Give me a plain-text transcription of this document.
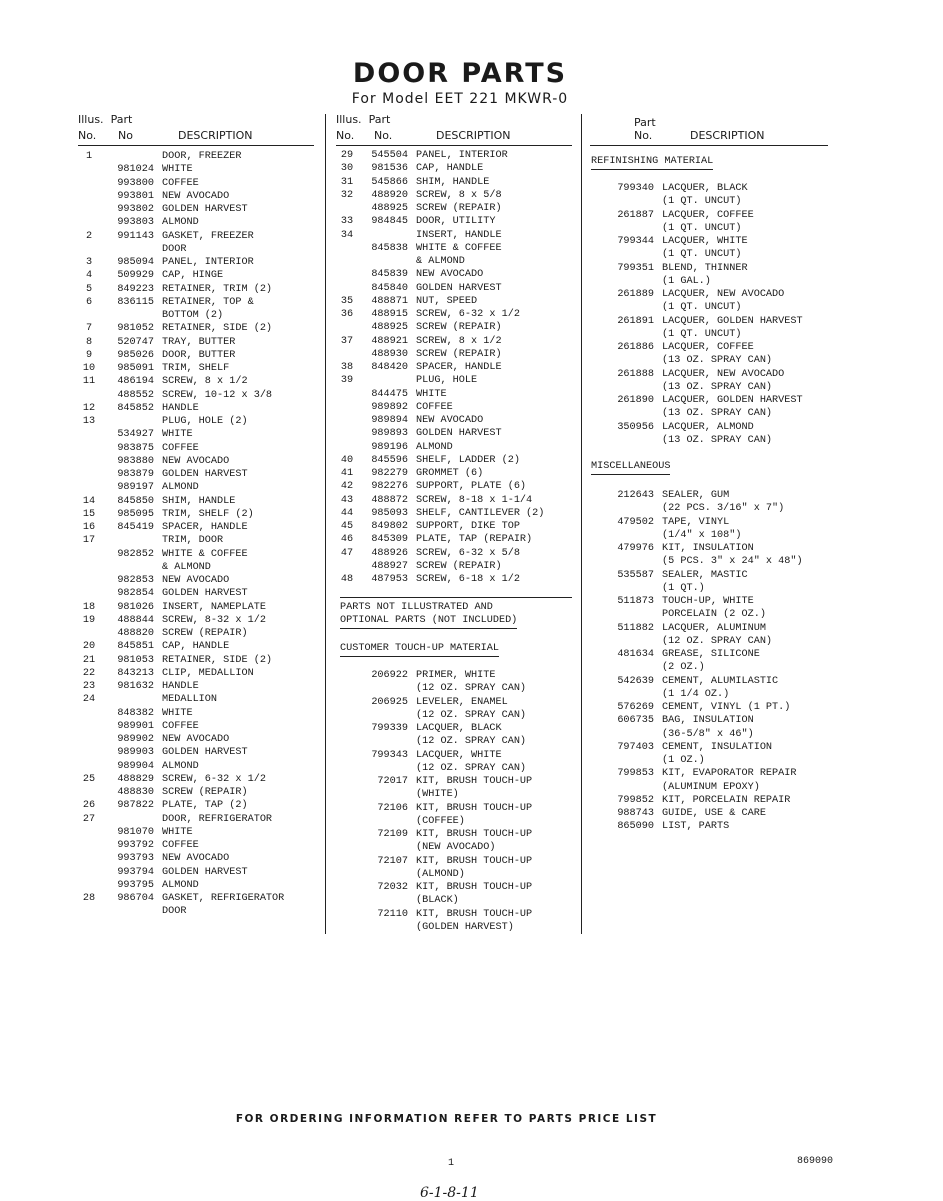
DOOR PARTS
For Model EET 221 MKWR-0
Illus. Part
No. No	DESCRIPTION
Illus. Part
No. No.	DESCRIPTION
Part
No.	DESCRIPTION
1	DOOR, FREEZER
981024 WHITE
993800 COFFEE
993801 NEW AVOCADO
993802 GOLDEN HARVEST
993803 ALMOND
2	991143 GASKET, FREEZER
DOOR
3	985094 PANEL, INTERIOR
4	509929 CAP, HINGE
5	849223 RETAINER, TRIM (2)
6	836115 RETAINER, TOP &
BOTTOM (2)
7	981052 RETAINER, SIDE (2)
8	520747 TRAY, BUTTER
9	985026 DOOR, BUTTER
10	985091 TRIM, SHELF
11	486194 SCREW, 8 x 1/2
488552 SCREW, 10-12 x 3/8
12	845852 HANDLE
13	PLUG, HOLE (2)
534927 WHITE
983875 COFFEE
983880 NEW AVOCADO
983879 GOLDEN HARVEST
989197 ALMOND
14	845850 SHIM, HANDLE
15	985095 TRIM, SHELF (2)
16	845419 SPACER, HANDLE
17	TRIM, DOOR
982852 WHITE & COFFEE
& ALMOND
982853 NEW AVOCADO
982854 GOLDEN HARVEST
18	981026 INSERT, NAMEPLATE
19	488844 SCREW, 8-32 x 1/2
488820 SCREW (REPAIR)
20	845851 CAP, HANDLE
21	981053 RETAINER, SIDE (2)
22	843213 CLIP, MEDALLION
23	981632 HANDLE
24	MEDALLION
848382 WHITE
989901 COFFEE
989902 NEW AVOCADO
989903 GOLDEN HARVEST
989904 ALMOND
25	488829 SCREW, 6-32 x 1/2
488830 SCREW (REPAIR)
26	987822 PLATE, TAP (2)
27	DOOR, REFRIGERATOR
981070 WHITE
993792 COFFEE
993793 NEW AVOCADO
993794 GOLDEN HARVEST
993795 ALMOND
28	986704 GASKET, REFRIGERATOR
DOOR
29	545504 PANEL, INTERIOR
30	981536 CAP, HANDLE
31	545866 SHIM, HANDLE
32	488920 SCREW, 8 x 5/8
488925 SCREW (REPAIR)
33	984845 DOOR, UTILITY
34	INSERT, HANDLE
845838 WHITE & COFFEE
& ALMOND
845839 NEW AVOCADO
845840 GOLDEN HARVEST
35	488871 NUT, SPEED
36	488915 SCREW, 6-32 x 1/2
488925 SCREW (REPAIR)
37	488921 SCREW, 8 x 1/2
488930 SCREW (REPAIR)
38	848420 SPACER, HANDLE
39	PLUG, HOLE
844475 WHITE
989892 COFFEE
989894 NEW AVOCADO
989893 GOLDEN HARVEST
989196 ALMOND
40	845596 SHELF, LADDER (2)
41	982279 GROMMET (6)
42	982276 SUPPORT, PLATE (6)
43	488872 SCREW, 8-18 x 1-1/4
44	985093 SHELF, CANTILEVER (2)
45	849802 SUPPORT, DIKE TOP
46	845309 PLATE, TAP (REPAIR)
47	488926 SCREW, 6-32 x 5/8
488927 SCREW (REPAIR)
48	487953 SCREW, 6-18 x 1/2
PARTS NOT ILLUSTRATED AND
OPTIONAL PARTS (NOT INCLUDED)
CUSTOMER TOUCH-UP MATERIAL
206922 PRIMER, WHITE
(12 OZ. SPRAY CAN)
206925 LEVELER, ENAMEL
(12 OZ. SPRAY CAN)
799339 LACQUER, BLACK
(12 OZ. SPRAY CAN)
799343 LACQUER, WHITE
(12 OZ. SPRAY CAN)
72017 KIT, BRUSH TOUCH-UP
(WHITE)
72106 KIT, BRUSH TOUCH-UP
(COFFEE)
72109 KIT, BRUSH TOUCH-UP
(NEW AVOCADO)
72107 KIT, BRUSH TOUCH-UP
(ALMOND)
72032 KIT, BRUSH TOUCH-UP
(BLACK)
72110 KIT, BRUSH TOUCH-UP
(GOLDEN HARVEST)
REFINISHING MATERIAL
799340 LACQUER, BLACK
(1 QT. UNCUT)
261887 LACQUER, COFFEE
(1 QT. UNCUT)
799344 LACQUER, WHITE
(1 QT. UNCUT)
799351 BLEND, THINNER
(1 GAL.)
261889 LACQUER, NEW AVOCADO
(1 QT. UNCUT)
261891 LACQUER, GOLDEN HARVEST
(1 QT. UNCUT)
261886 LACQUER, COFFEE
(13 OZ. SPRAY CAN)
261888 LACQUER, NEW AVOCADO
(13 OZ. SPRAY CAN)
261890 LACQUER, GOLDEN HARVEST
(13 OZ. SPRAY CAN)
350956 LACQUER, ALMOND
(13 OZ. SPRAY CAN)
MISCELLANEOUS
212643 SEALER, GUM
(22 PCS. 3/16" x 7")
479502 TAPE, VINYL
(1/4" x 108")
479976 KIT, INSULATION
(5 PCS. 3" x 24" x 48")
535587 SEALER, MASTIC
(1 QT.)
511873 TOUCH-UP, WHITE
PORCELAIN (2 OZ.)
511882 LACQUER, ALUMINUM
(12 OZ. SPRAY CAN)
481634 GREASE, SILICONE
(2 OZ.)
542639 CEMENT, ALUMILASTIC
(1 1/4 OZ.)
576269 CEMENT, VINYL (1 PT.)
606735 BAG, INSULATION
(36-5/8" x 46")
797403 CEMENT, INSULATION
(1 OZ.)
799853 KIT, EVAPORATOR REPAIR
(ALUMINUM EPOXY)
799852 KIT, PORCELAIN REPAIR
988743 GUIDE, USE & CARE
865090 LIST, PARTS
FOR ORDERING INFORMATION REFER TO PARTS PRICE LIST
1	869090
6-1-8-11
